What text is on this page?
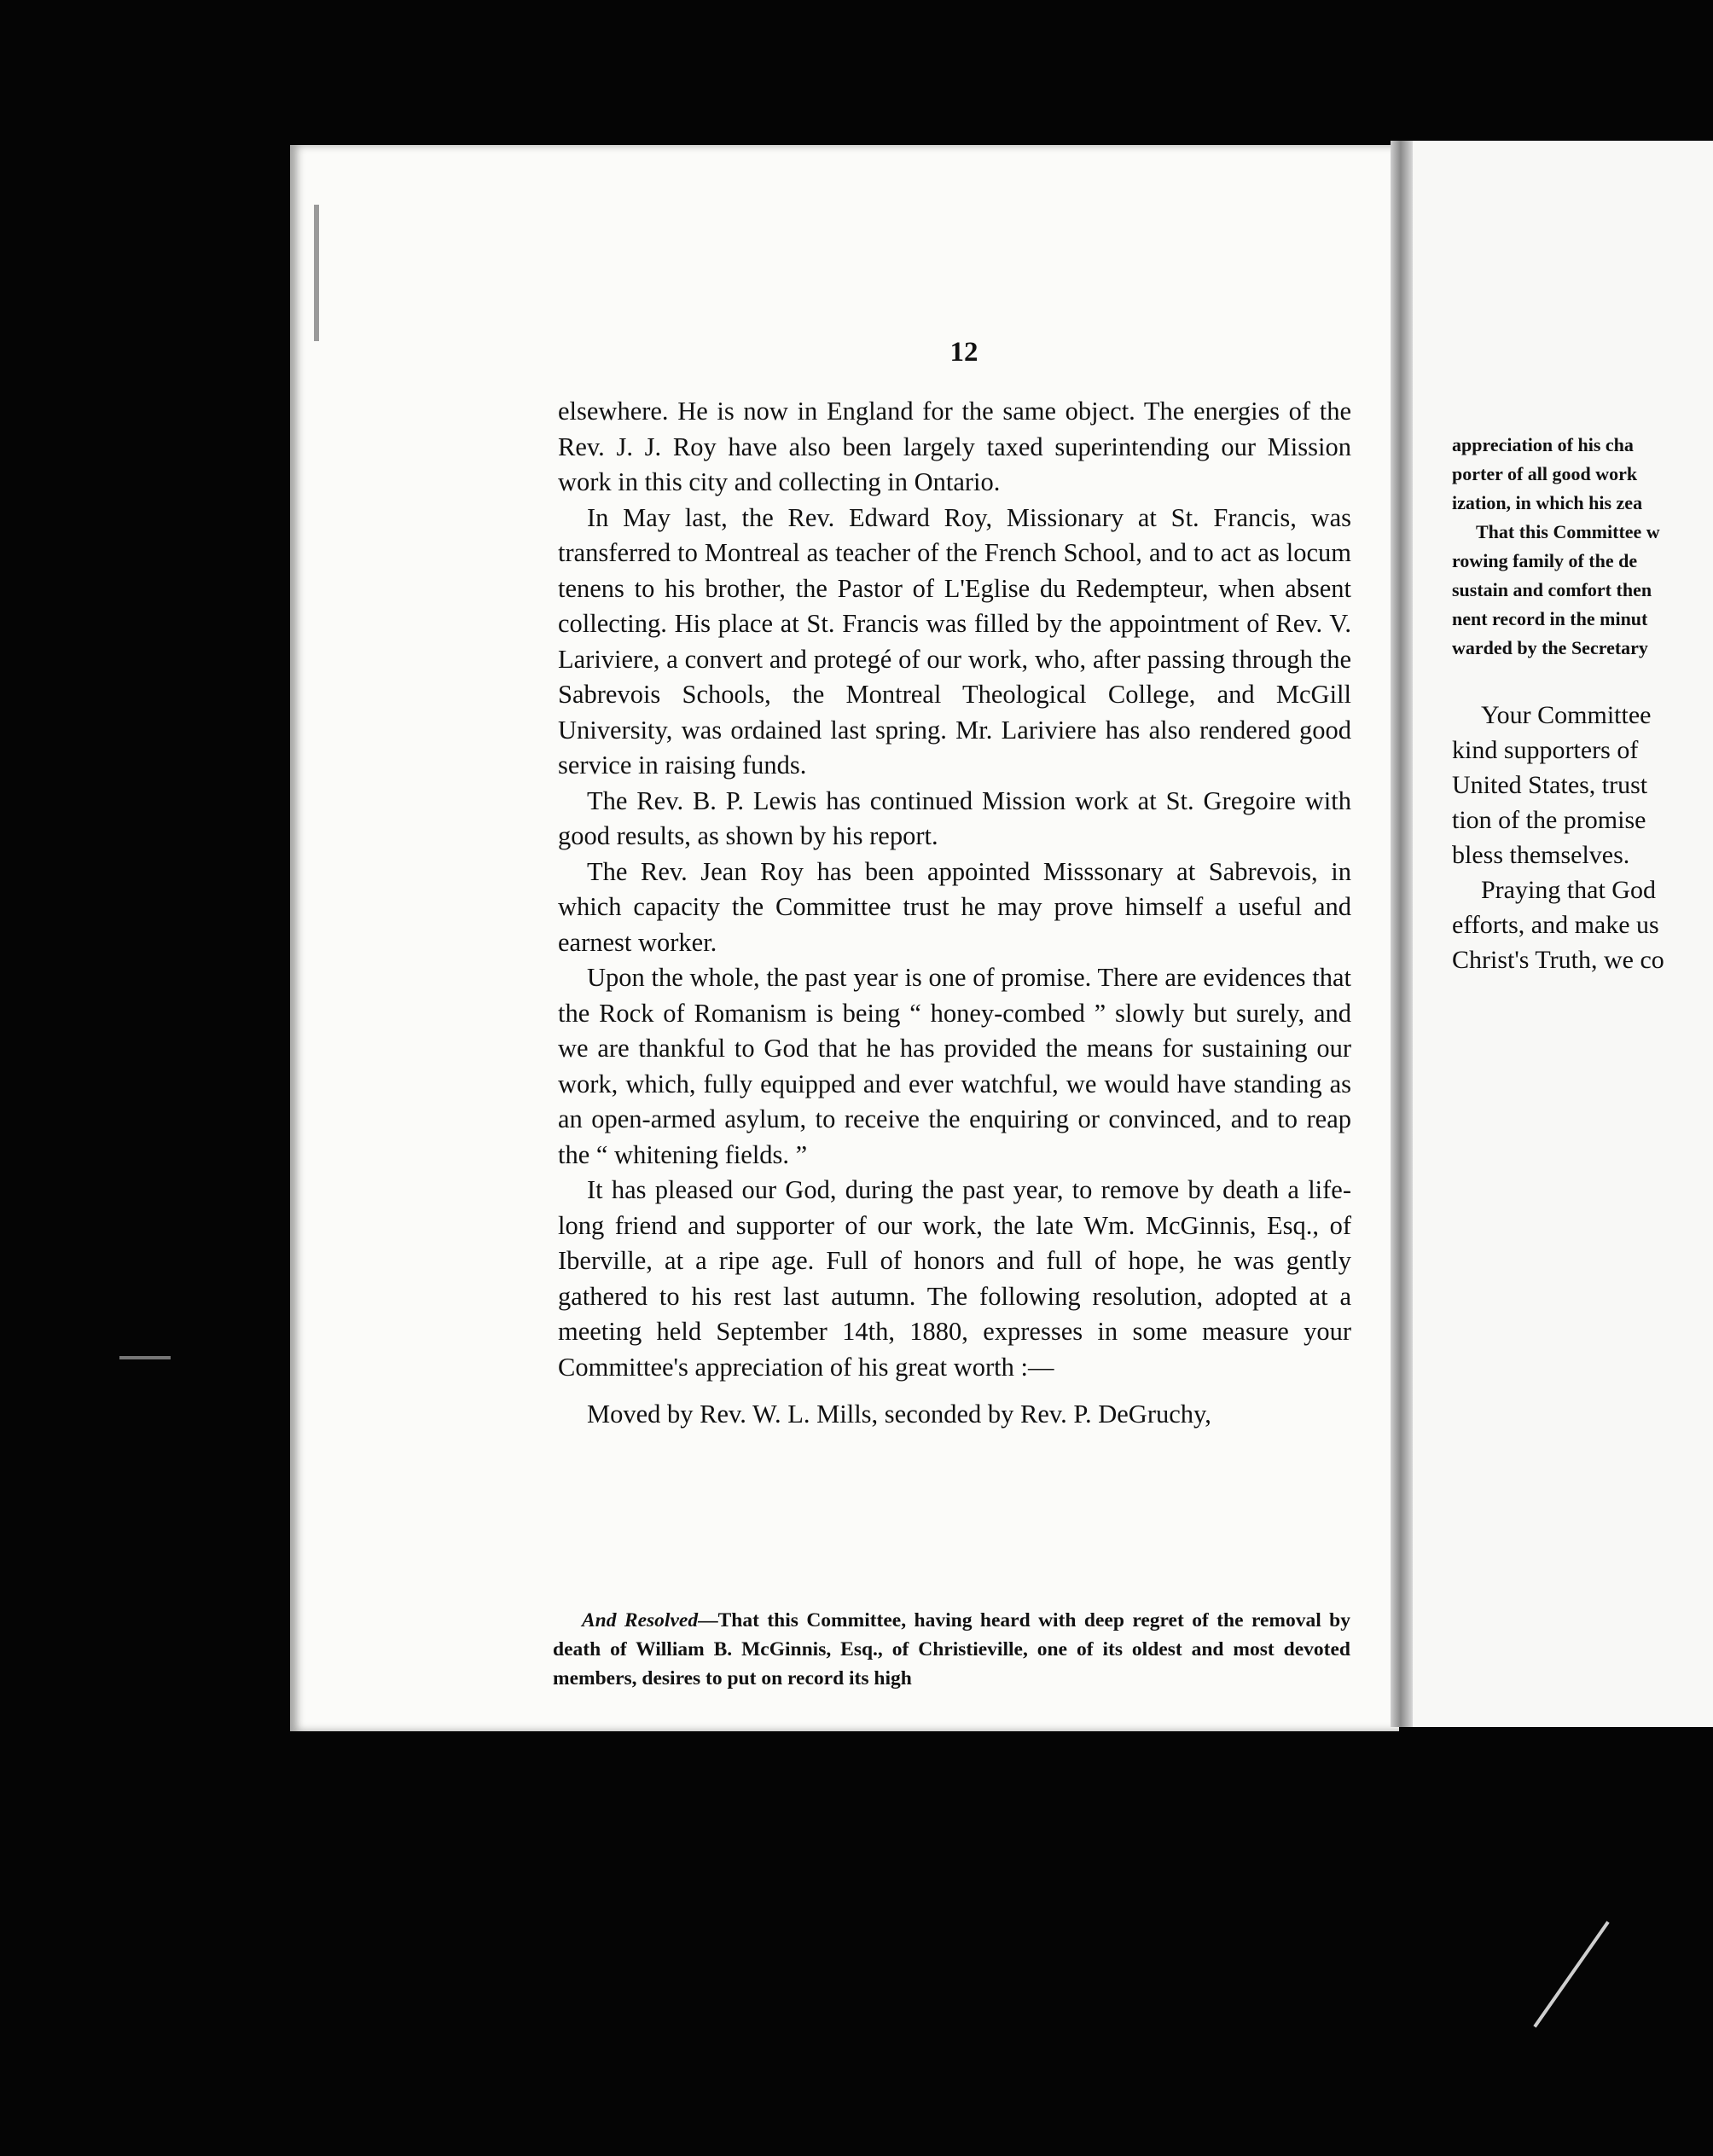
12

elsewhere. He is now in England for the same object. The energies of the Rev. J. J. Roy have also been largely taxed superintending our Mission work in this city and collecting in Ontario.

In May last, the Rev. Edward Roy, Missionary at St. Francis, was transferred to Montreal as teacher of the French School, and to act as locum tenens to his brother, the Pastor of L'Eglise du Redempteur, when absent collecting. His place at St. Francis was filled by the appointment of Rev. V. Lariviere, a convert and protegé of our work, who, after passing through the Sabrevois Schools, the Montreal Theological College, and McGill University, was ordained last spring. Mr. Lariviere has also rendered good service in raising funds.

The Rev. B. P. Lewis has continued Mission work at St. Gregoire with good results, as shown by his report.

The Rev. Jean Roy has been appointed Misssonary at Sabrevois, in which capacity the Committee trust he may prove himself a useful and earnest worker.

Upon the whole, the past year is one of promise. There are evidences that the Rock of Romanism is being “ honey-combed ” slowly but surely, and we are thankful to God that he has provided the means for sustaining our work, which, fully equipped and ever watchful, we would have standing as an open-armed asylum, to receive the enquiring or convinced, and to reap the “ whitening fields. ”

It has pleased our God, during the past year, to remove by death a life-long friend and supporter of our work, the late Wm. McGinnis, Esq., of Iberville, at a ripe age. Full of honors and full of hope, he was gently gathered to his rest last autumn. The following resolution, adopted at a meeting held September 14th, 1880, expresses in some measure your Committee's appreciation of his great worth :—

Moved by Rev. W. L. Mills, seconded by Rev. P. DeGruchy,

And Resolved—That this Committee, having heard with deep regret of the removal by death of William B. McGinnis, Esq., of Christieville, one of its oldest and most devoted members, desires to put on record its high

appreciation of his cha
porter of all good work
ization, in which his zea
That this Committee w
rowing family of the de
sustain and comfort then
nent record in the minut
warded by the Secretary
Your Committee
kind supporters of
United States, trust
tion of the promise
bless themselves.
Praying that God
efforts, and make us
Christ's Truth, we co
